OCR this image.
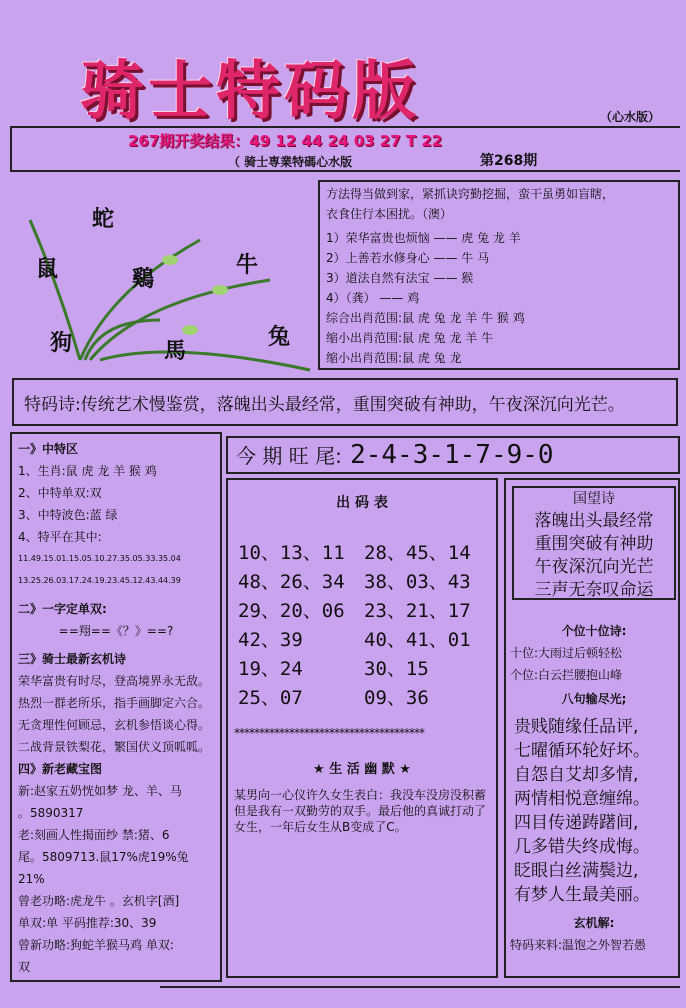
骑士特码版	（心水版）
267期开奖结果：49 12 44 24 03 27 T 22
（ 骑士専業特碼心水版	第268期
蛇
鼠	鷄
牛
狗	馬
兔
方法得当做到家，紧抓诀窍勤挖掘，蛮干虽勇如盲瞎，
衣食住行本困扰。（澳）
1）荣华富贵也烦恼 —— 虎 兔 龙 羊
2）上善若水修身心 —— 牛 马
3）道法自然有法宝 —— 猴
4）（龚） —— 鸡
综合出肖范围:鼠 虎 兔 龙 羊 牛 猴 鸡
缩小出肖范围:鼠 虎 兔 龙 羊 牛
缩小出肖范围:鼠 虎 兔 龙
特码诗:传统艺术慢鉴赏，落魄出头最经常，重围突破有神助，午夜深沉向光芒。
一》中特区
1、生肖:鼠 虎 龙 羊 猴 鸡
2、中特单双:双
3、中特波色:蓝 绿
4、特平在其中:
11.49.15.01.15.05.10.27.35.05.33.35.04
13.25.26.03.17.24.19.23.45.12.43.44.39
二》一字定单双:
==翔==《？》==?
三》骑士最新玄机诗
荣华富贵有时尽，登高境界永无敌。
热烈一群老所乐，指手画脚定六合。
无贪理性何顾忌，玄机参悟谈心得。
二战背景铁梨花，繁国伏义顶呱呱。
四》新老藏宝图
新:赵家五奶恍如梦 龙、羊、马
。5890317
老:刻画人性揭面纱 禁:猪、6
尾。5809713.鼠17%虎19%兔21%
曾老功略:虎龙牛 。玄机字[酒]
单双:单 平码推荐:30、39
曾新功略:狗蛇羊猴马鸡 单双:
双
今 期 旺 尾: 2-4-3-1-7-9-0
出 码 表
10、13、11	28、45、14
48、26、34	38、03、43
29、20、06	23、21、17
42、39	40、41、01
19、24	30、15
25、07	09、36
**************************************
★ 生 活 幽 默 ★
某男向一心仪许久女生表白：我没车没房没积蓄但是我有一双勤劳的双手。最后他的真诚打动了女生，一年后女生从B变成了C。
国望诗
落魄出头最经常
重围突破有神助
午夜深沉向光芒
三声无奈叹命运
个位十位诗:
十位:大雨过后顿轻松
个位:白云拦腰抱山峰
八句输尽光;
贵贱随缘任品评,
七曜循环轮好坏。
自怨自艾却多情,
两情相悦意缠绵。
四目传递踌躇间,
几多错失终成悔。
眨眼白丝满鬓边,
有梦人生最美丽。
玄机解:
特码来料:温饱之外智若愚
